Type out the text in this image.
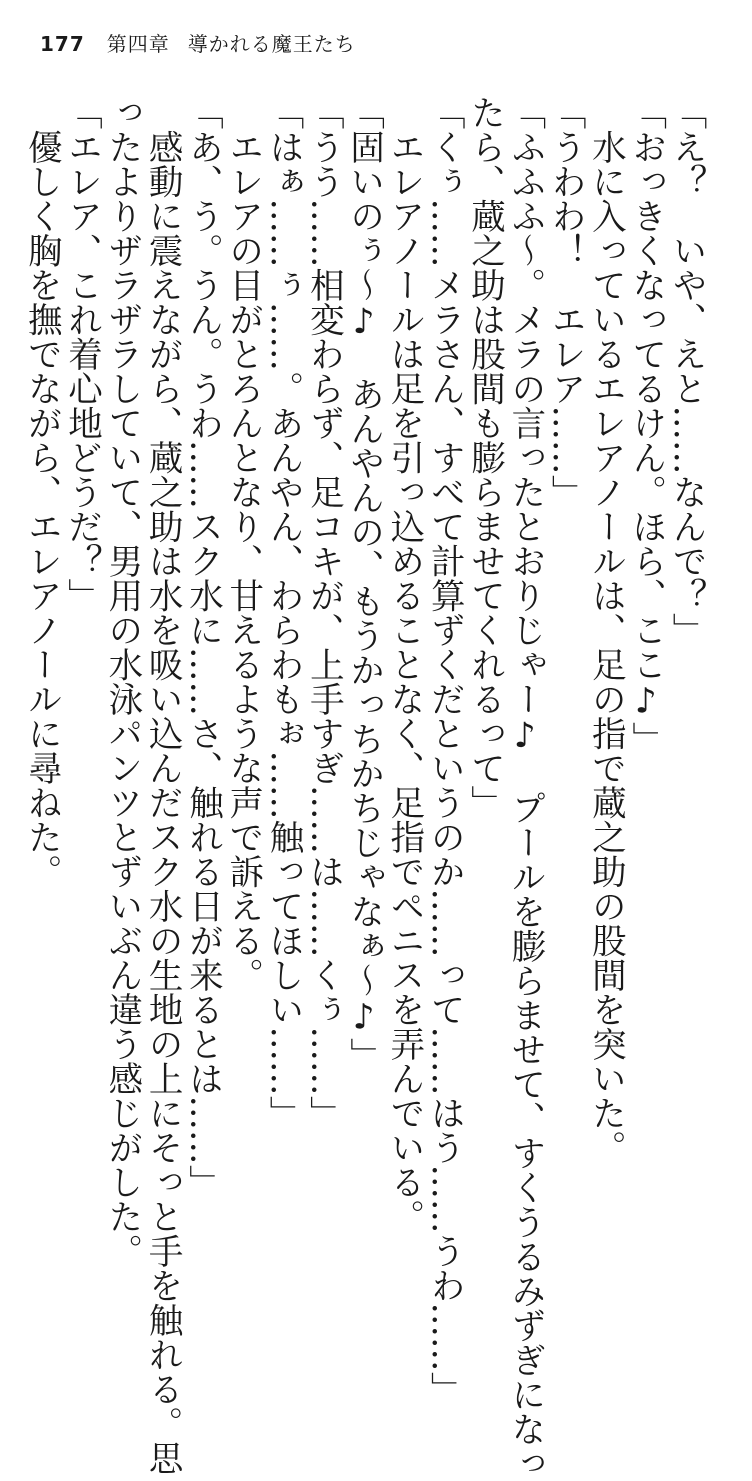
177 第四章 導かれる魔王たち
「え？　いや、えと……なんで？」
「おっきくなってるけん。ほら、ここ♪」
　水に入っているエレアノールは、足の指で蔵之助の股間を突いた。
「うわわ！　エレア……」
「ふふふ～。メラの言ったとおりじゃー♪　プールを膨らませて、すくうるみずぎになっ
たら、蔵之助は股間も膨らませてくれるって」
「くぅ……メラさん、すべて計算ずくだというのか……って……はう……うわ……」
　エレアノールは足を引っ込めることなく、足指でペニスを弄んでいる。
「固いのぅ～♪　あんやんの、もうかっちかちじゃなぁ～♪」
「うう……相変わらず、足コキが、上手すぎ……は……くぅ……」
「はぁ……ぅ……。あんやん、わらわもぉ……触ってほしい……」
　エレアの目がとろんとなり、甘えるような声で訴える。
「あ、う。うん。うわ……スク水に……さ、触れる日が来るとは……」
　感動に震えながら、蔵之助は水を吸い込んだスク水の生地の上にそっと手を触れる。思
ったよりザラザラしていて、男用の水泳パンツとずいぶん違う感じがした。
「エレア、これ着心地どうだ？」
　優しく胸を撫でながら、エレアノールに尋ねた。
